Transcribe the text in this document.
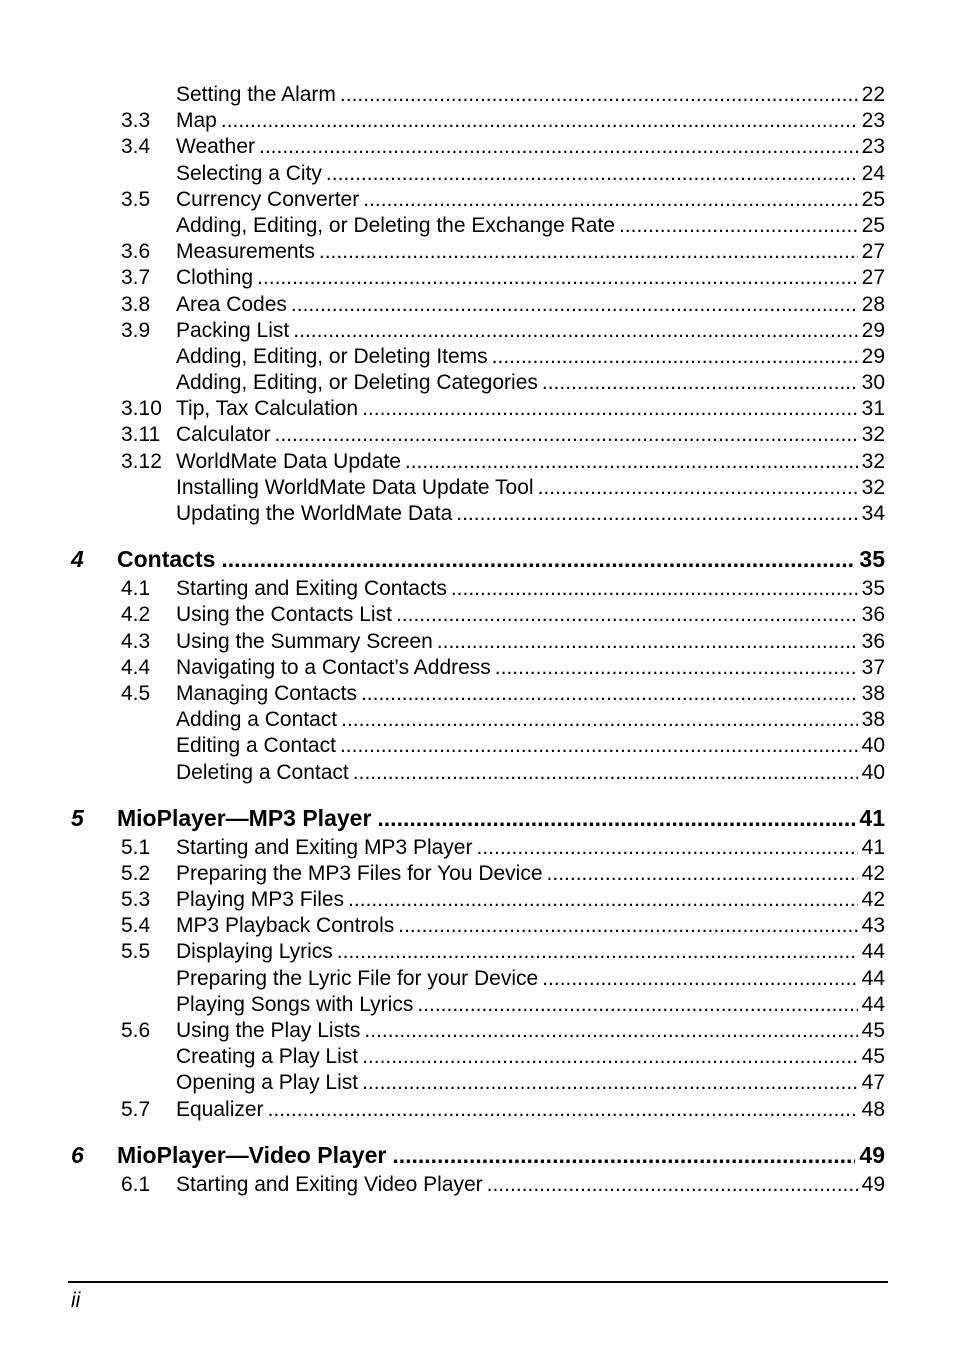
Setting the Alarm .....	22
3.3 Map .....	23
3.4 Weather .....	23
Selecting a City .....	24
3.5 Currency Converter .....	25
Adding, Editing, or Deleting the Exchange Rate .....	25
3.6 Measurements .....	27
3.7 Clothing .....	27
3.8 Area Codes .....	28
3.9 Packing List .....	29
Adding, Editing, or Deleting Items .....	29
Adding, Editing, or Deleting Categories .....	30
3.10 Tip, Tax Calculation .....	31
3.11 Calculator .....	32
3.12 WorldMate Data Update .....	32
Installing WorldMate Data Update Tool .....	32
Updating the WorldMate Data .....	34
4 Contacts .....	35
4.1 Starting and Exiting Contacts .....	35
4.2 Using the Contacts List .....	36
4.3 Using the Summary Screen .....	36
4.4 Navigating to a Contact’s Address .....	37
4.5 Managing Contacts .....	38
Adding a Contact .....	38
Editing a Contact .....	40
Deleting a Contact .....	40
5 MioPlayer—MP3 Player .....	41
5.1 Starting and Exiting MP3 Player .....	41
5.2 Preparing the MP3 Files for You Device .....	42
5.3 Playing MP3 Files .....	42
5.4 MP3 Playback Controls .....	43
5.5 Displaying Lyrics .....	44
Preparing the Lyric File for your Device .....	44
Playing Songs with Lyrics .....	44
5.6 Using the Play Lists .....	45
Creating a Play List .....	45
Opening a Play List .....	47
5.7 Equalizer .....	48
6 MioPlayer—Video Player .....	49
6.1 Starting and Exiting Video Player .....	49
ii
